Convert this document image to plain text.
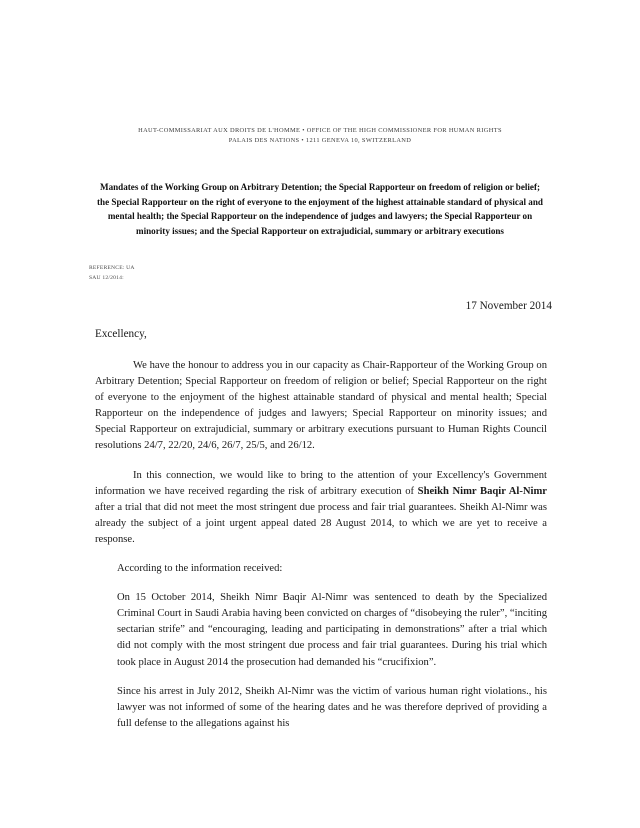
HAUT-COMMISSARIAT AUX DROITS DE L'HOMME • OFFICE OF THE HIGH COMMISSIONER FOR HUMAN RIGHTS
PALAIS DES NATIONS • 1211 GENEVA 10, SWITZERLAND
Mandates of the Working Group on Arbitrary Detention; the Special Rapporteur on freedom of religion or belief; the Special Rapporteur on the right of everyone to the enjoyment of the highest attainable standard of physical and mental health; the Special Rapporteur on the independence of judges and lawyers; the Special Rapporteur on minority issues; and the Special Rapporteur on extrajudicial, summary or arbitrary executions
REFERENCE: UA
SAU 12/2014:
17 November 2014
Excellency,

We have the honour to address you in our capacity as Chair-Rapporteur of the Working Group on Arbitrary Detention; Special Rapporteur on freedom of religion or belief; Special Rapporteur on the right of everyone to the enjoyment of the highest attainable standard of physical and mental health; Special Rapporteur on the independence of judges and lawyers; Special Rapporteur on minority issues; and Special Rapporteur on extrajudicial, summary or arbitrary executions pursuant to Human Rights Council resolutions 24/7, 22/20, 24/6, 26/7, 25/5, and 26/12.

In this connection, we would like to bring to the attention of your Excellency's Government information we have received regarding the risk of arbitrary execution of Sheikh Nimr Baqir Al-Nimr after a trial that did not meet the most stringent due process and fair trial guarantees. Sheikh Al-Nimr was already the subject of a joint urgent appeal dated 28 August 2014, to which we are yet to receive a response.

According to the information received:

On 15 October 2014, Sheikh Nimr Baqir Al-Nimr was sentenced to death by the Specialized Criminal Court in Saudi Arabia having been convicted on charges of “disobeying the ruler”, “inciting sectarian strife” and “encouraging, leading and participating in demonstrations” after a trial which did not comply with the most stringent due process and fair trial guarantees. During his trial which took place in August 2014 the prosecution had demanded his “crucifixion”.

Since his arrest in July 2012, Sheikh Al-Nimr was the victim of various human right violations., his lawyer was not informed of some of the hearing dates and he was therefore deprived of providing a full defense to the allegations against his
